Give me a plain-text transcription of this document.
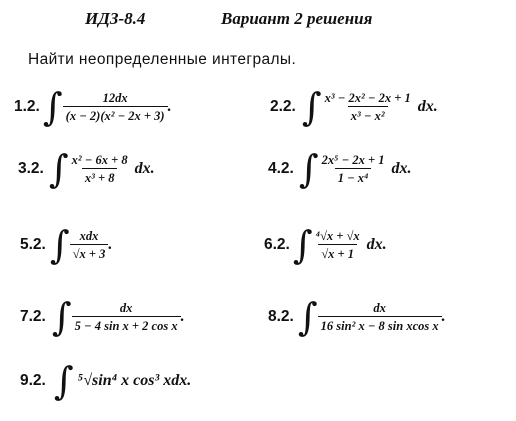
ИДЗ-8.4	Вариант 2 решения
Найти неопределенные интегралы.
1.2. ∫ $\frac{12dx}{\text{(x − 2)(x² − 2x + 3)}}$ .	2.2. ∫ $\frac{\text{x³ − 2x² − 2x + 1}}{\text{x³ − x²}}$ dx.
3.2. ∫ $\frac{\text{x² − 6x + 8}}{\text{x³ + 8}}$ dx.	4.2. ∫ $\frac{\text{2x⁵ − 2x + 1}}{\text{1 − x⁴}}$ dx.
5.2. ∫ $\frac{\text{xdx}}{√x + 3}$ .	6.2. ∫ $\frac{\text{⁴√x + √x}}{√x + 1}$ dx.
7.2. ∫ $\frac{dx}{\text{5 − 4 sin x + 2 cos x}}$ .	8.2. ∫ $\frac{dx}{\text{16 sin² x − 8 sin xcos x}}$ .
9.2. ∫ ⁵√sin⁴ x cos³ xdx.
